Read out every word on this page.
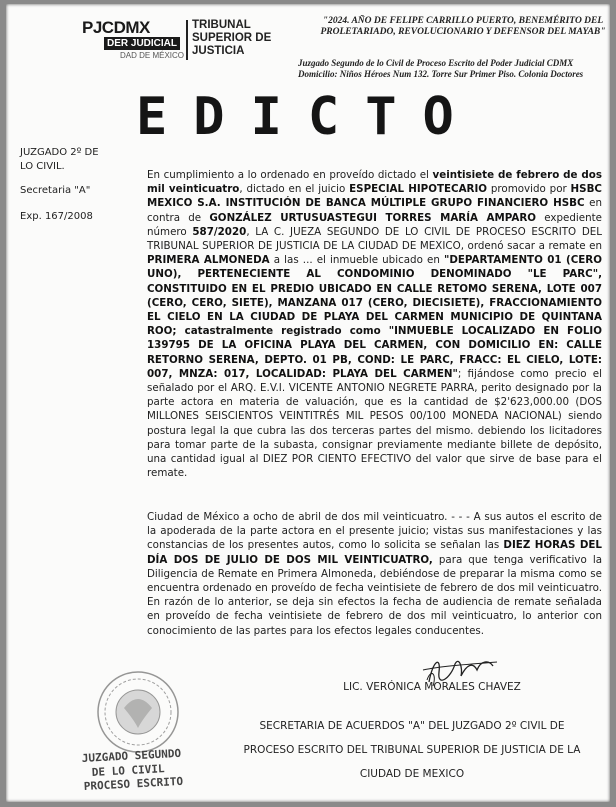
PJCDMX
DER JUDICIAL
DAD DE MÉXICO
TRIBUNAL
SUPERIOR DE
JUSTICIA
"2024. AÑO DE FELIPE CARRILLO PUERTO, BENEMÉRITO DEL PROLETARIADO, REVOLUCIONARIO Y DEFENSOR DEL MAYAB"
Juzgado Segundo de lo Civil de Proceso Escrito del Poder Judicial CDMX
Domicilio: Niños Héroes Num 132. Torre Sur Primer Piso. Colonia Doctores
EDICTO
JUZGADO 2º DE
LO CIVIL.
Secretaria "A"
Exp. 167/2008

En cumplimiento a lo ordenado en proveído dictado el veintisiete de febrero de dos mil veinticuatro, dictado en el juicio ESPECIAL HIPOTECARIO promovido por HSBC MEXICO S.A. INSTITUCIÓN DE BANCA MÚLTIPLE GRUPO FINANCIERO HSBC en contra de GONZÁLEZ URTUSUASTEGUI TORRES MARÍA AMPARO expediente número 587/2020, LA C. JUEZA SEGUNDO DE LO CIVIL DE PROCESO ESCRITO DEL TRIBUNAL SUPERIOR DE JUSTICIA DE LA CIUDAD DE MEXICO, ordenó sacar a remate en PRIMERA ALMONEDA a las ... el inmueble ubicado en "DEPARTAMENTO 01 (CERO UNO), PERTENECIENTE AL CONDOMINIO DENOMINADO "LE PARC", CONSTITUIDO EN EL PREDIO UBICADO EN CALLE RETOMO SERENA, LOTE 007 (CERO, CERO, SIETE), MANZANA 017 (CERO, DIECISIETE), FRACCIONAMIENTO EL CIELO EN LA CIUDAD DE PLAYA DEL CARMEN MUNICIPIO DE QUINTANA ROO; catastralmente registrado como "INMUEBLE LOCALIZADO EN FOLIO 139795 DE LA OFICINA PLAYA DEL CARMEN, CON DOMICILIO EN: CALLE RETORNO SERENA, DEPTO. 01 PB, COND: LE PARC, FRACC: EL CIELO, LOTE: 007, MNZA: 017, LOCALIDAD: PLAYA DEL CARMEN"; fijándose como precio el señalado por el ARQ. E.V.I. VICENTE ANTONIO NEGRETE PARRA, perito designado por la parte actora en materia de valuación, que es la cantidad de $2'623,000.00 (DOS MILLONES SEISCIENTOS VEINTITRÉS MIL PESOS 00/100 MONEDA NACIONAL) siendo postura legal la que cubra las dos terceras partes del mismo. debiendo los licitadores para tomar parte de la subasta, consignar previamente mediante billete de depósito, una cantidad igual al DIEZ POR CIENTO EFECTIVO del valor que sirve de base para el remate.

Ciudad de México a ocho de abril de dos mil veinticuatro. - - - A sus autos el escrito de la apoderada de la parte actora en el presente juicio; vistas sus manifestaciones y las constancias de los presentes autos, como lo solicita se señalan las DIEZ HORAS DEL DÍA DOS DE JULIO DE DOS MIL VEINTICUATRO, para que tenga verificativo la Diligencia de Remate en Primera Almoneda, debiéndose de preparar la misma como se encuentra ordenado en proveído de fecha veintisiete de febrero de dos mil veinticuatro. En razón de lo anterior, se deja sin efectos la fecha de audiencia de remate señalada en proveído de fecha veintisiete de febrero de dos mil veinticuatro, lo anterior con conocimiento de las partes para los efectos legales conducentes.

LIC. VERÓNICA MORALES CHAVEZ
JUZGADO SEGUNDO
DE LO CIVIL
PROCESO ESCRITO
SECRETARIA DE ACUERDOS "A" DEL JUZGADO 2º CIVIL DE
PROCESO ESCRITO DEL TRIBUNAL SUPERIOR DE JUSTICIA DE LA
CIUDAD DE MEXICO
